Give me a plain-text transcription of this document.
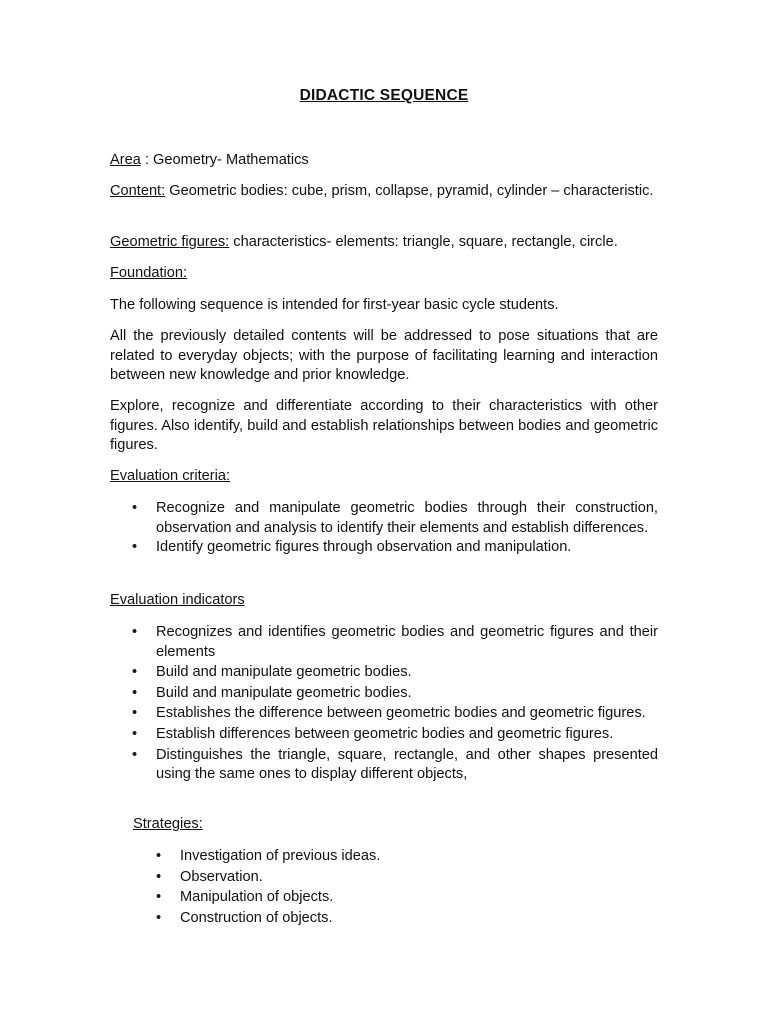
DIDACTIC SEQUENCE

Area : Geometry- Mathematics

Content: Geometric bodies: cube, prism, collapse, pyramid, cylinder – characteristic.

Geometric figures: characteristics- elements: triangle, square, rectangle, circle.

Foundation:

The following sequence is intended for first-year basic cycle students.

All the previously detailed contents will be addressed to pose situations that are related to everyday objects; with the purpose of facilitating learning and interaction between new knowledge and prior knowledge.

Explore, recognize and differentiate according to their characteristics with other figures. Also identify, build and establish relationships between bodies and geometric figures.

Evaluation criteria:

• Recognize and manipulate geometric bodies through their construction, observation and analysis to identify their elements and establish differences.
• Identify geometric figures through observation and manipulation.

Evaluation indicators

• Recognizes and identifies geometric bodies and geometric figures and their elements
• Build and manipulate geometric bodies.
• Build and manipulate geometric bodies.
• Establishes the difference between geometric bodies and geometric figures.
• Establish differences between geometric bodies and geometric figures.
• Distinguishes the triangle, square, rectangle, and other shapes presented using the same ones to display different objects,

Strategies:

• Investigation of previous ideas.
• Observation.
• Manipulation of objects.
• Construction of objects.
